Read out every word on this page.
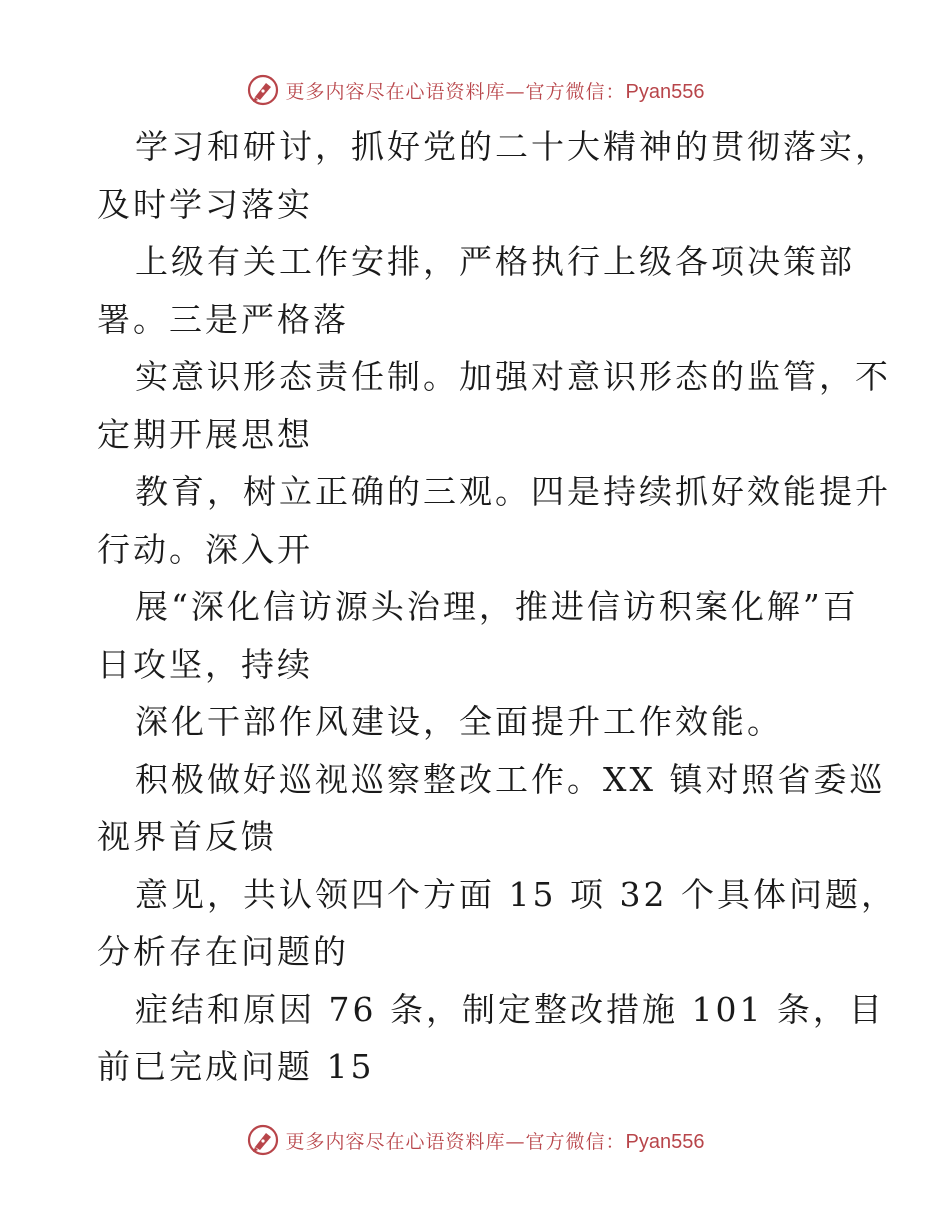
更多内容尽在心语资料库—官方微信：Pyan556
学习和研讨，抓好党的二十大精神的贯彻落实，
及时学习落实
上级有关工作安排，严格执行上级各项决策部
署。三是严格落
实意识形态责任制。加强对意识形态的监管，不
定期开展思想
教育，树立正确的三观。四是持续抓好效能提升
行动。深入开
展“深化信访源头治理，推进信访积案化解”百
日攻坚，持续
深化干部作风建设，全面提升工作效能。
积极做好巡视巡察整改工作。XX 镇对照省委巡
视界首反馈
意见，共认领四个方面 15 项 32 个具体问题，
分析存在问题的
症结和原因 76 条，制定整改措施 101 条，目
前已完成问题 15
更多内容尽在心语资料库—官方微信：Pyan556
